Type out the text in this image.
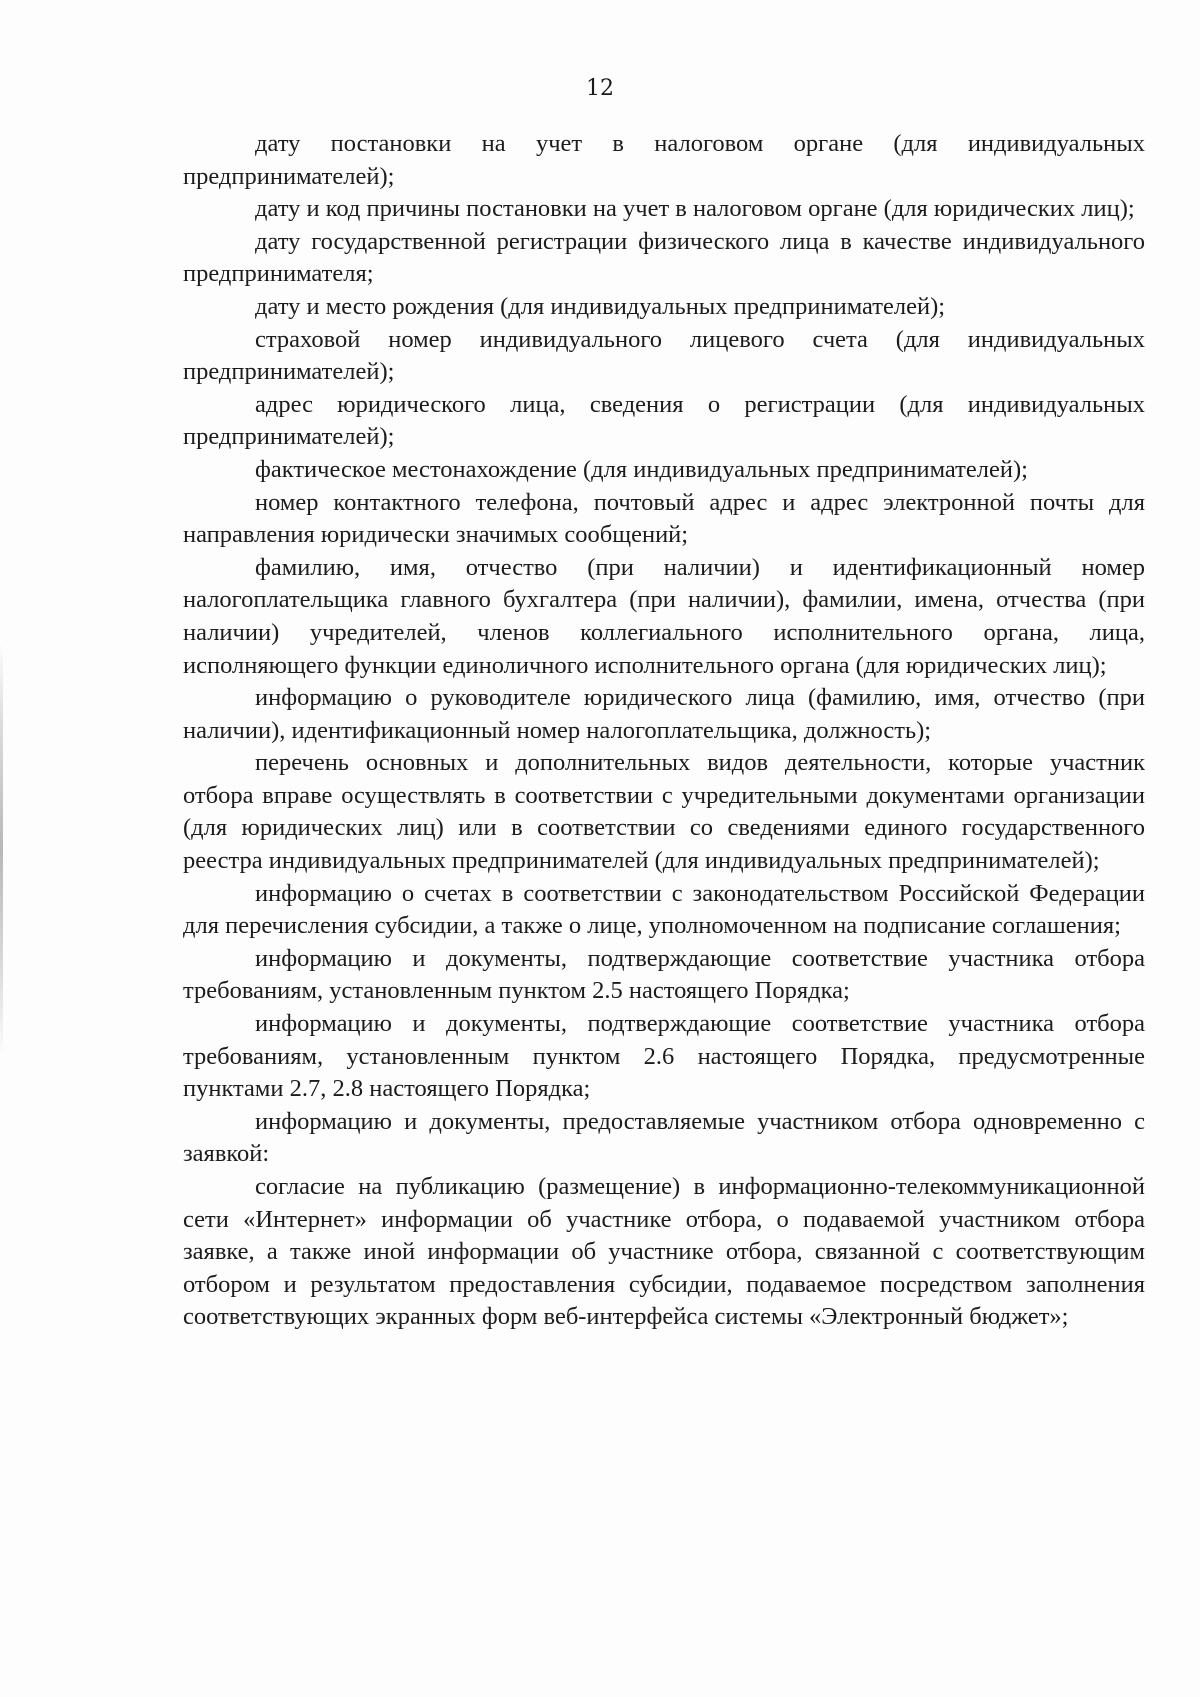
12

дату постановки на учет в налоговом органе (для индивидуальных предпринимателей);

дату и код причины постановки на учет в налоговом органе (для юридических лиц);

дату государственной регистрации физического лица в качестве индивидуального предпринимателя;

дату и место рождения (для индивидуальных предпринимателей);

страховой номер индивидуального лицевого счета (для индивидуальных предпринимателей);

адрес юридического лица, сведения о регистрации (для индивидуальных предпринимателей);

фактическое местонахождение (для индивидуальных предпринимателей);

номер контактного телефона, почтовый адрес и адрес электронной почты для направления юридически значимых сообщений;

фамилию, имя, отчество (при наличии) и идентификационный номер налогоплательщика главного бухгалтера (при наличии), фамилии, имена, отчества (при наличии) учредителей, членов коллегиального исполнительного органа, лица, исполняющего функции единоличного исполнительного органа (для юридических лиц);

информацию о руководителе юридического лица (фамилию, имя, отчество (при наличии), идентификационный номер налогоплательщика, должность);

перечень основных и дополнительных видов деятельности, которые участник отбора вправе осуществлять в соответствии с учредительными документами организации (для юридических лиц) или в соответствии со сведениями единого государственного реестра индивидуальных предпринимателей (для индивидуальных предпринимателей);

информацию о счетах в соответствии с законодательством Российской Федерации для перечисления субсидии, а также о лице, уполномоченном на подписание соглашения;

информацию и документы, подтверждающие соответствие участника отбора требованиям, установленным пунктом 2.5 настоящего Порядка;

информацию и документы, подтверждающие соответствие участника отбора требованиям, установленным пунктом 2.6 настоящего Порядка, предусмотренные пунктами 2.7, 2.8 настоящего Порядка;

информацию и документы, предоставляемые участником отбора одновременно с заявкой:

согласие на публикацию (размещение) в информационно-телекоммуникационной сети «Интернет» информации об участнике отбора, о подаваемой участником отбора заявке, а также иной информации об участнике отбора, связанной с соответствующим отбором и результатом предоставления субсидии, подаваемое посредством заполнения соответствующих экранных форм веб-интерфейса системы «Электронный бюджет»;
